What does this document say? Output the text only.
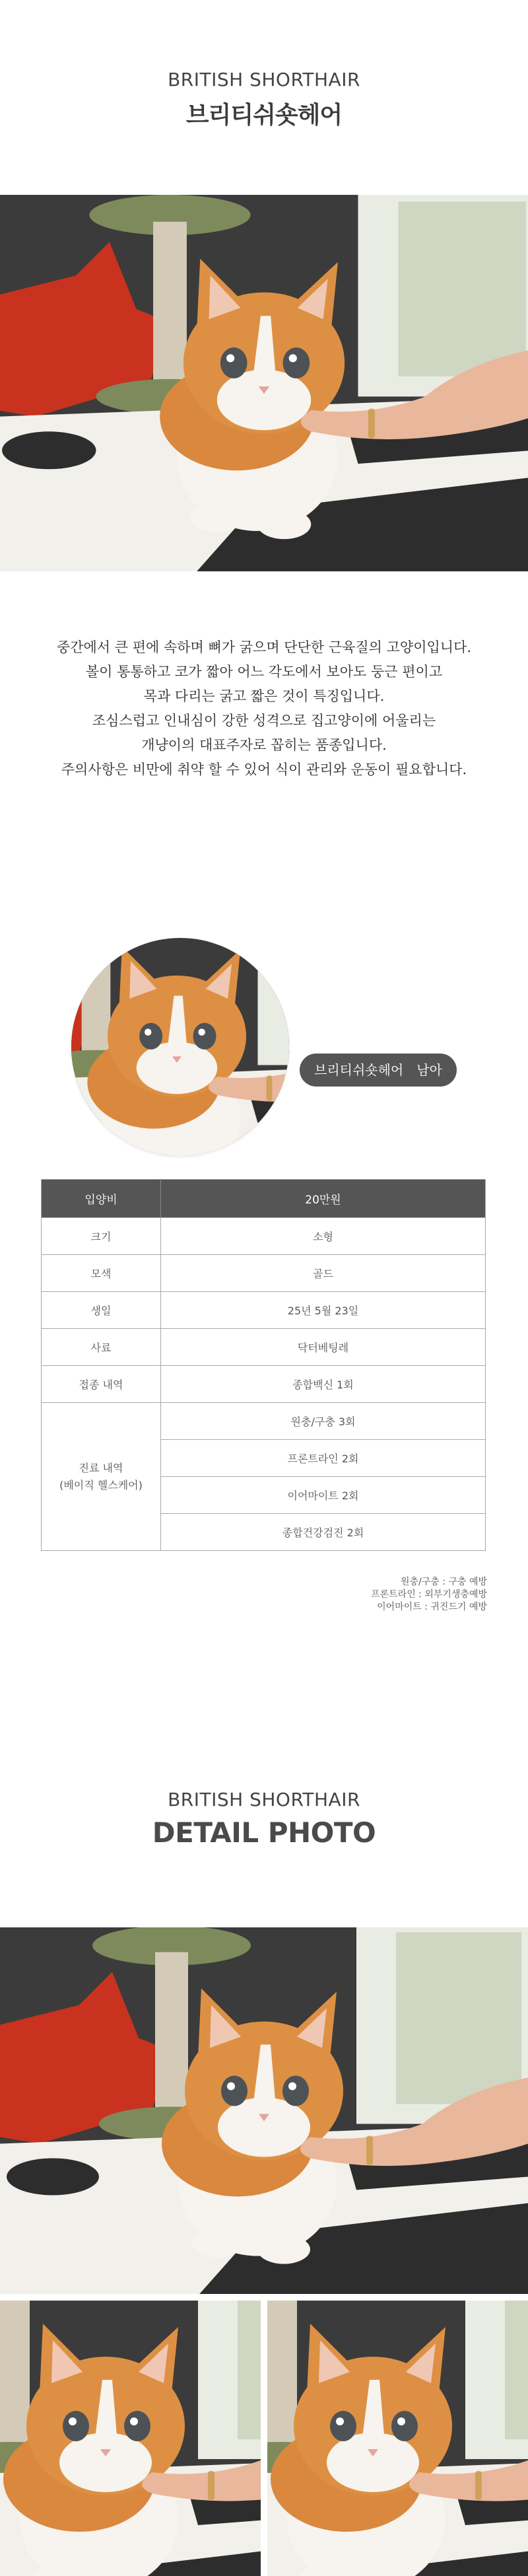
BRITISH SHORTHAIR
브리티쉬숏헤어
중간에서 큰 편에 속하며 뼈가 굵으며 단단한 근육질의 고양이입니다.
볼이 통통하고 코가 짧아 어느 각도에서 보아도 둥근 편이고
목과 다리는 굵고 짧은 것이 특징입니다.
조심스럽고 인내심이 강한 성격으로 집고양이에 어울리는
개냥이의 대표주자로 꼽히는 품종입니다.
주의사항은 비만에 취약 할 수 있어 식이 관리와 운동이 필요합니다.
브리티쉬숏헤어 남아
입양비	20만원
크기	소형
모색	골드
생일	25년 5월 23일
사료	닥터베팅레
접종 내역	종합백신 1회

진료 내역
(베이직 헬스케어)	원충/구충 3회
	프론트라인 2회
	이어마이트 2회
	종합건강검진 2회
원충/구충 : 구충 예방
프론트라인 : 외부기생충예방
이어마이트 : 귀진드기 예방
BRITISH SHORTHAIR
DETAIL PHOTO
